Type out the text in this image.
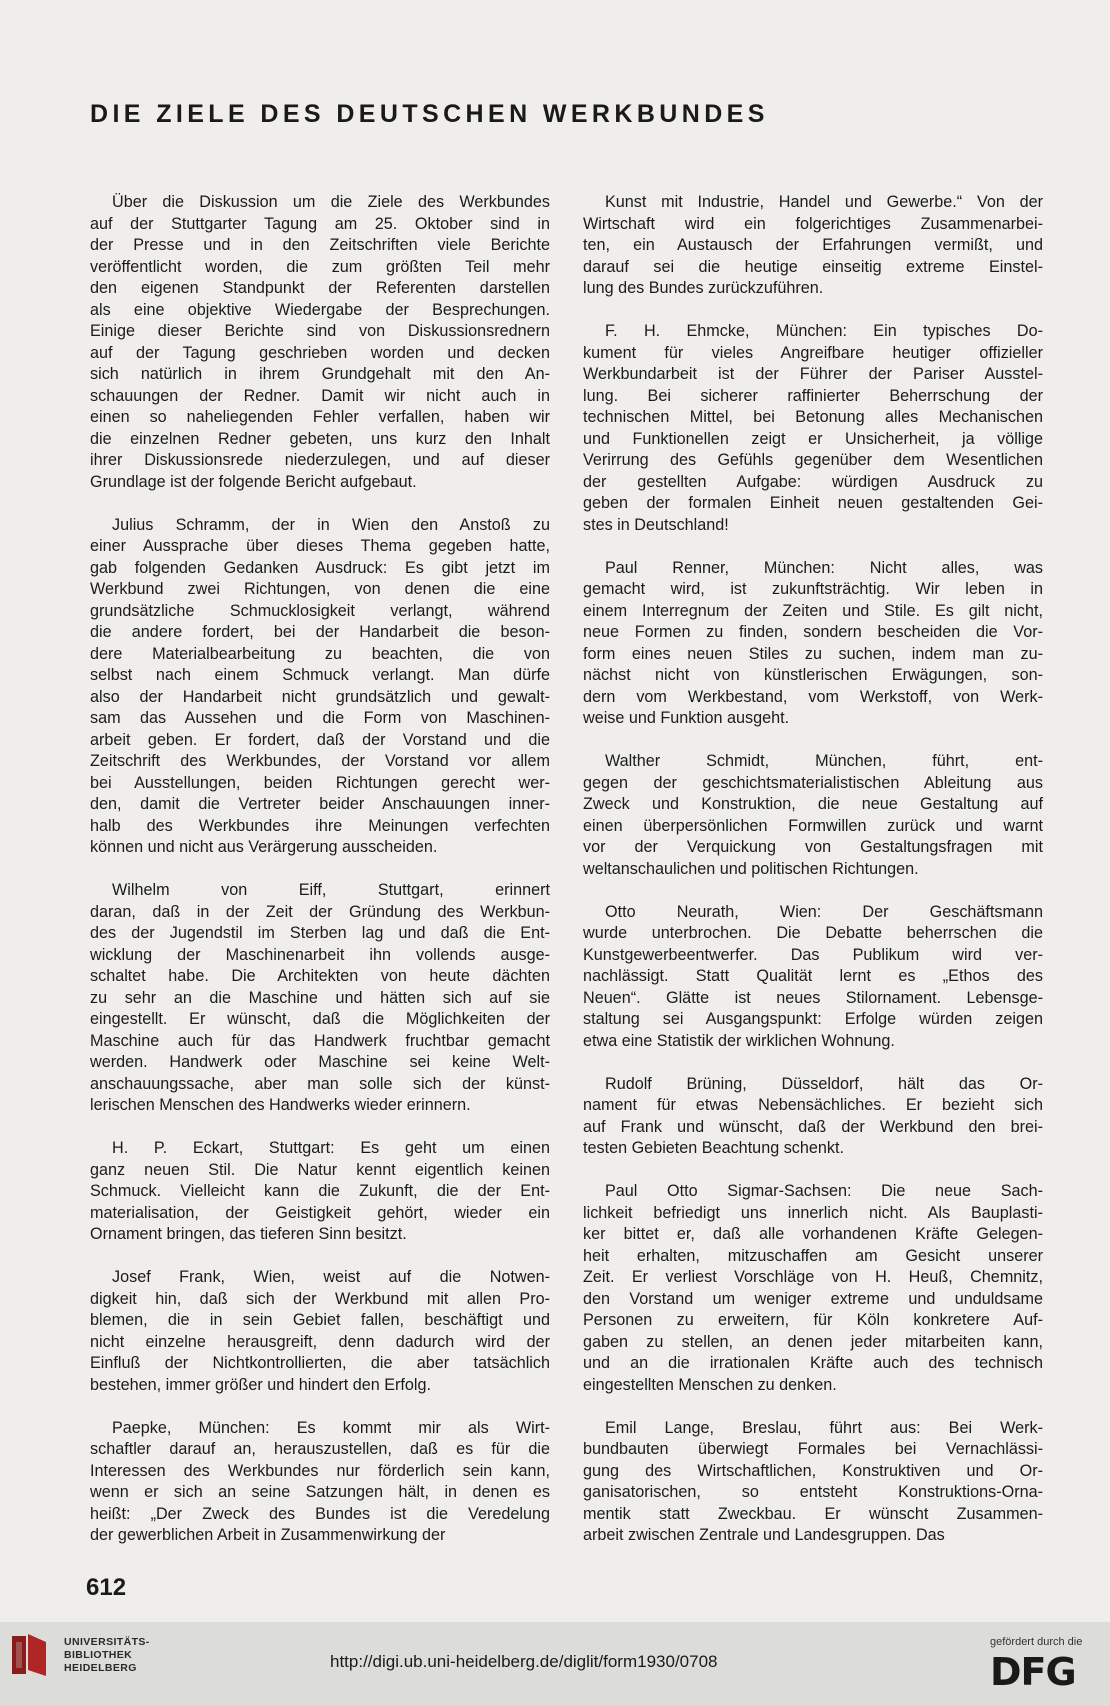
DIE ZIELE DES DEUTSCHEN WERKBUNDES
Über die Diskussion um die Ziele des Werkbundes
auf der Stuttgarter Tagung am 25. Oktober sind in
der Presse und in den Zeitschriften viele Berichte
veröffentlicht worden, die zum größten Teil mehr
den eigenen Standpunkt der Referenten darstellen
als eine objektive Wiedergabe der Besprechungen.
Einige dieser Berichte sind von Diskussionsrednern
auf der Tagung geschrieben worden und decken
sich natürlich in ihrem Grundgehalt mit den An-
schauungen der Redner. Damit wir nicht auch in
einen so naheliegenden Fehler verfallen, haben wir
die einzelnen Redner gebeten, uns kurz den Inhalt
ihrer Diskussionsrede niederzulegen, und auf dieser
Grundlage ist der folgende Bericht aufgebaut.
Julius Schramm, der in Wien den Anstoß zu
einer Aussprache über dieses Thema gegeben hatte,
gab folgenden Gedanken Ausdruck: Es gibt jetzt im
Werkbund zwei Richtungen, von denen die eine
grundsätzliche Schmucklosigkeit verlangt, während
die andere fordert, bei der Handarbeit die beson-
dere Materialbearbeitung zu beachten, die von
selbst nach einem Schmuck verlangt. Man dürfe
also der Handarbeit nicht grundsätzlich und gewalt-
sam das Aussehen und die Form von Maschinen-
arbeit geben. Er fordert, daß der Vorstand und die
Zeitschrift des Werkbundes, der Vorstand vor allem
bei Ausstellungen, beiden Richtungen gerecht wer-
den, damit die Vertreter beider Anschauungen inner-
halb des Werkbundes ihre Meinungen verfechten
können und nicht aus Verärgerung ausscheiden.
Wilhelm von Eiff, Stuttgart, erinnert
daran, daß in der Zeit der Gründung des Werkbun-
des der Jugendstil im Sterben lag und daß die Ent-
wicklung der Maschinenarbeit ihn vollends ausge-
schaltet habe. Die Architekten von heute dächten
zu sehr an die Maschine und hätten sich auf sie
eingestellt. Er wünscht, daß die Möglichkeiten der
Maschine auch für das Handwerk fruchtbar gemacht
werden. Handwerk oder Maschine sei keine Welt-
anschauungssache, aber man solle sich der künst-
lerischen Menschen des Handwerks wieder erinnern.
H. P. Eckart, Stuttgart: Es geht um einen
ganz neuen Stil. Die Natur kennt eigentlich keinen
Schmuck. Vielleicht kann die Zukunft, die der Ent-
materialisation, der Geistigkeit gehört, wieder ein
Ornament bringen, das tieferen Sinn besitzt.
Josef Frank, Wien, weist auf die Notwen-
digkeit hin, daß sich der Werkbund mit allen Pro-
blemen, die in sein Gebiet fallen, beschäftigt und
nicht einzelne herausgreift, denn dadurch wird der
Einfluß der Nichtkontrollierten, die aber tatsächlich
bestehen, immer größer und hindert den Erfolg.
Paepke, München: Es kommt mir als Wirt-
schaftler darauf an, herauszustellen, daß es für die
Interessen des Werkbundes nur förderlich sein kann,
wenn er sich an seine Satzungen hält, in denen es
heißt: „Der Zweck des Bundes ist die Veredelung
der gewerblichen Arbeit in Zusammenwirkung der
Kunst mit Industrie, Handel und Gewerbe.“ Von der
Wirtschaft wird ein folgerichtiges Zusammenarbei-
ten, ein Austausch der Erfahrungen vermißt, und
darauf sei die heutige einseitig extreme Einstel-
lung des Bundes zurückzuführen.
F. H. Ehmcke, München: Ein typisches Do-
kument für vieles Angreifbare heutiger offizieller
Werkbundarbeit ist der Führer der Pariser Ausstel-
lung. Bei sicherer raffinierter Beherrschung der
technischen Mittel, bei Betonung alles Mechanischen
und Funktionellen zeigt er Unsicherheit, ja völlige
Verirrung des Gefühls gegenüber dem Wesentlichen
der gestellten Aufgabe: würdigen Ausdruck zu
geben der formalen Einheit neuen gestaltenden Gei-
stes in Deutschland!
Paul Renner, München: Nicht alles, was
gemacht wird, ist zukunftsträchtig. Wir leben in
einem Interregnum der Zeiten und Stile. Es gilt nicht,
neue Formen zu finden, sondern bescheiden die Vor-
form eines neuen Stiles zu suchen, indem man zu-
nächst nicht von künstlerischen Erwägungen, son-
dern vom Werkbestand, vom Werkstoff, von Werk-
weise und Funktion ausgeht.
Walther Schmidt, München, führt, ent-
gegen der geschichtsmaterialistischen Ableitung aus
Zweck und Konstruktion, die neue Gestaltung auf
einen überpersönlichen Formwillen zurück und warnt
vor der Verquickung von Gestaltungsfragen mit
weltanschaulichen und politischen Richtungen.
Otto Neurath, Wien: Der Geschäftsmann
wurde unterbrochen. Die Debatte beherrschen die
Kunstgewerbeentwerfer. Das Publikum wird ver-
nachlässigt. Statt Qualität lernt es „Ethos des
Neuen“. Glätte ist neues Stilornament. Lebensge-
staltung sei Ausgangspunkt: Erfolge würden zeigen
etwa eine Statistik der wirklichen Wohnung.
Rudolf Brüning, Düsseldorf, hält das Or-
nament für etwas Nebensächliches. Er bezieht sich
auf Frank und wünscht, daß der Werkbund den brei-
testen Gebieten Beachtung schenkt.
Paul Otto Sigmar-Sachsen: Die neue Sach-
lichkeit befriedigt uns innerlich nicht. Als Bauplasti-
ker bittet er, daß alle vorhandenen Kräfte Gelegen-
heit erhalten, mitzuschaffen am Gesicht unserer
Zeit. Er verliest Vorschläge von H. Heuß, Chemnitz,
den Vorstand um weniger extreme und unduldsame
Personen zu erweitern, für Köln konkretere Auf-
gaben zu stellen, an denen jeder mitarbeiten kann,
und an die irrationalen Kräfte auch des technisch
eingestellten Menschen zu denken.
Emil Lange, Breslau, führt aus: Bei Werk-
bundbauten überwiegt Formales bei Vernachlässi-
gung des Wirtschaftlichen, Konstruktiven und Or-
ganisatorischen, so entsteht Konstruktions-Orna-
mentik statt Zweckbau. Er wünscht Zusammen-
arbeit zwischen Zentrale und Landesgruppen. Das
612
UNIVERSITÄTS-
BIBLIOTHEK
HEIDELBERG	http://digi.ub.uni-heidelberg.de/diglit/form1930/0708
gefördert durch die
DFG
